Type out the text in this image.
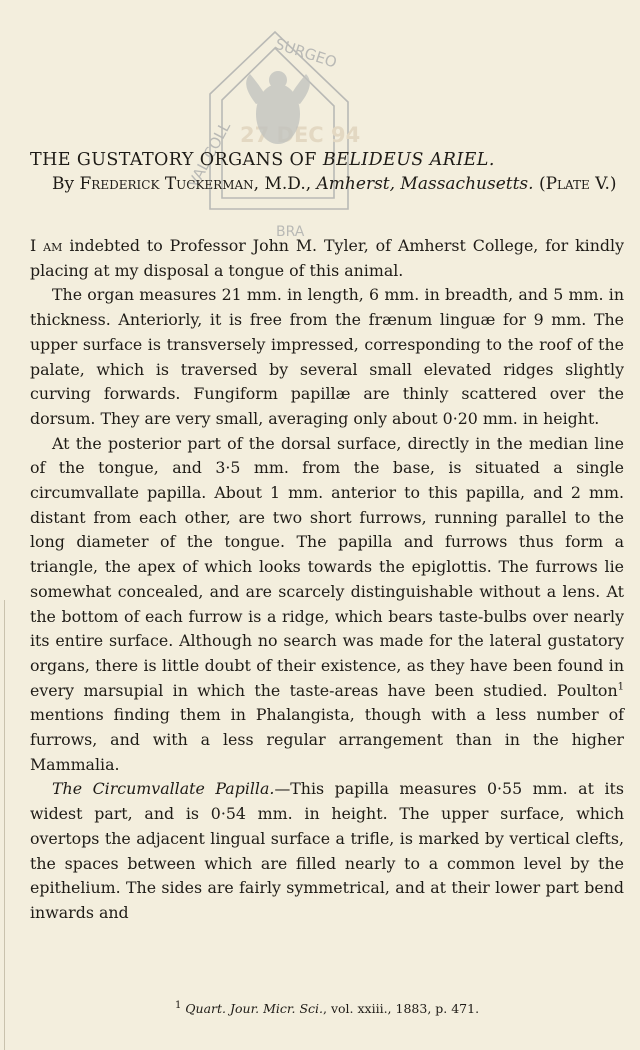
SURGEO
VAL COLL 27 DEC 94
BRA

THE GUSTATORY ORGANS OF BELIDEUS ARIEL.

By Frederick Tuckerman, M.D., Amherst, Massachusetts. (Plate V.)

I am indebted to Professor John M. Tyler, of Amherst College, for kindly placing at my disposal a tongue of this animal.

The organ measures 21 mm. in length, 6 mm. in breadth, and 5 mm. in thickness. Anteriorly, it is free from the frænum linguæ for 9 mm. The upper surface is transversely impressed, corresponding to the roof of the palate, which is traversed by several small elevated ridges slightly curving forwards. Fungiform papillæ are thinly scattered over the dorsum. They are very small, averaging only about 0·20 mm. in height.

At the posterior part of the dorsal surface, directly in the median line of the tongue, and 3·5 mm. from the base, is situated a single circumvallate papilla. About 1 mm. anterior to this papilla, and 2 mm. distant from each other, are two short furrows, running parallel to the long diameter of the tongue. The papilla and furrows thus form a triangle, the apex of which looks towards the epiglottis. The furrows lie somewhat concealed, and are scarcely distinguishable without a lens. At the bottom of each furrow is a ridge, which bears taste-bulbs over nearly its entire surface. Although no search was made for the lateral gustatory organs, there is little doubt of their existence, as they have been found in every marsupial in which the taste-areas have been studied. Poulton$^1$ mentions finding them in Phalangista, though with a less number of furrows, and with a less regular arrangement than in the higher Mammalia.

The Circumvallate Papilla.—This papilla measures 0·55 mm. at its widest part, and is 0·54 mm. in height. The upper surface, which overtops the adjacent lingual surface a trifle, is marked by vertical clefts, the spaces between which are filled nearly to a common level by the epithelium. The sides are fairly symmetrical, and at their lower part bend inwards and

$^1$ Quart. Jour. Micr. Sci., vol. xxiii., 1883, p. 471.
